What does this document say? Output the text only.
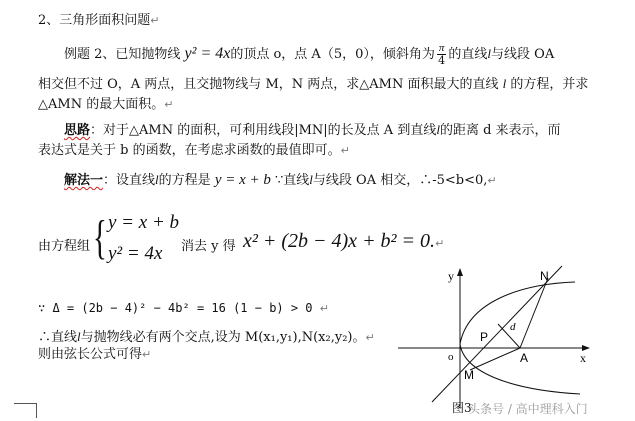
2、三角形面积问题↵
例题 2、已知抛物线 y² = 4x的顶点 o，点 A（5，0），倾斜角为 $\frac{\pi}{4}$ 的直线l与线段 OA
相交但不过 O，A 两点，且交抛物线与 M，N 两点，求△AMN 面积最大的直线 l 的方程，并求
△AMN 的最大面积。↵
思路：对于△AMN 的面积，可利用线段|MN|的长及点 A 到直线l的距离 d 来表示，而
表达式是关于 b 的函数，在考虑求函数的最值即可。↵
解法一：设直线l的方程是 y = x + b ∵直线l与线段 OA 相交，∴-5<b<0,↵
由方程组 { y = x + b
y² = 4x 消去 y 得 x² + (2b − 4)x + b² = 0.↵
∵ Δ = (2b − 4)² − 4b² = 16 (1 − b) > 0 ↵
∴直线l与抛物线必有两个交点,设为 M(x₁,y₁),N(x₂,y₂)。↵
则由弦长公式可得↵
y
x
o
N
M
P
A
d
图3
头条号 / 高中理科入门
